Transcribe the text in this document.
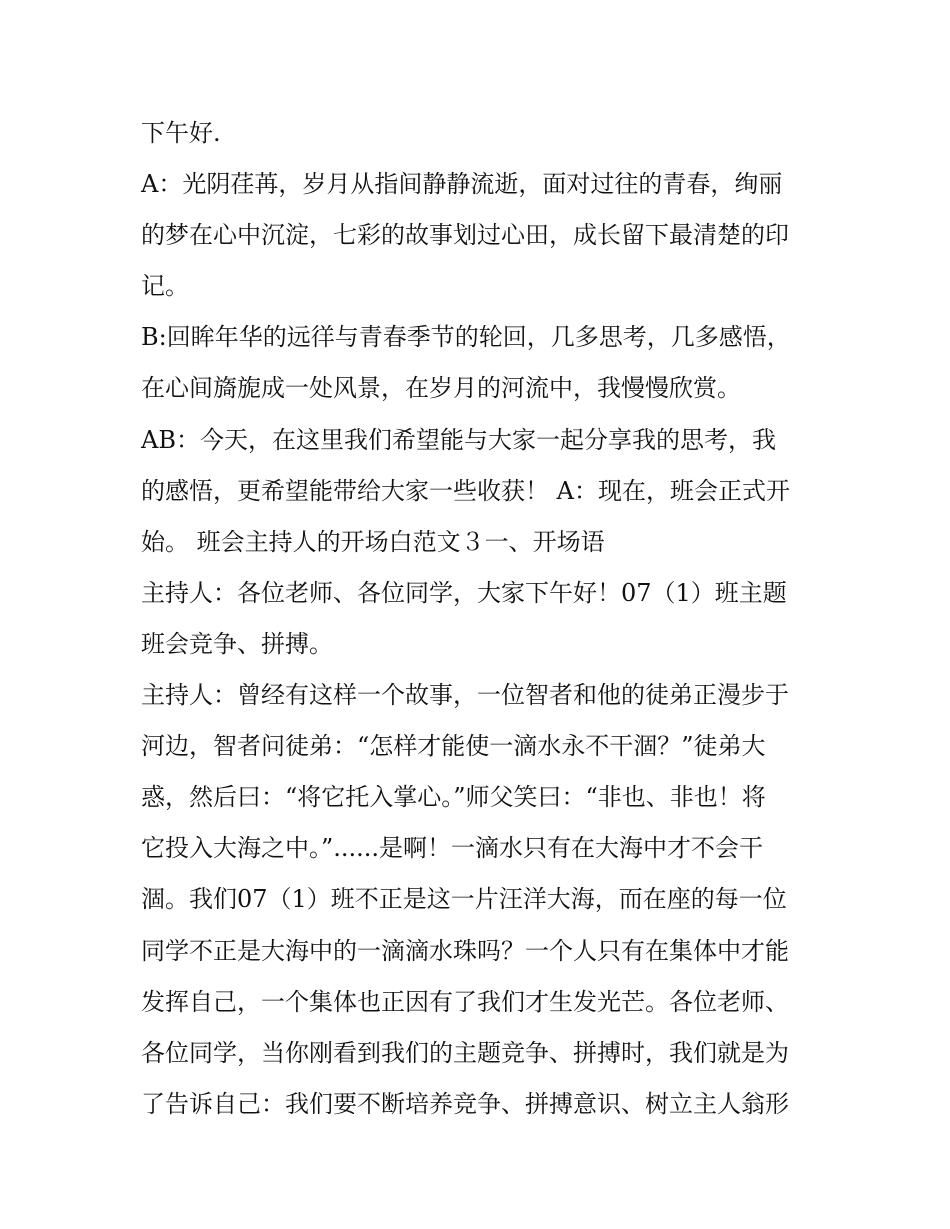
下午好.

A：光阴荏苒，岁月从指间静静流逝，面对过往的青春，绚丽
的梦在心中沉淀，七彩的故事划过心田，成长留下最清楚的印
记。

B:回眸年华的远徉与青春季节的轮回，几多思考，几多感悟，
在心间旖旎成一处风景，在岁月的河流中，我慢慢欣赏。

AB：今天，在这里我们希望能与大家一起分享我的思考，我
的感悟，更希望能带给大家一些收获！ A：现在，班会正式开
始。 班会主持人的开场白范文３一、开场语

主持人：各位老师、各位同学，大家下午好！07（1）班主题
班会竞争、拼搏。

主持人：曾经有这样一个故事，一位智者和他的徒弟正漫步于
河边，智者问徒弟：“怎样才能使一滴水永不干涸？”徒弟大
惑，然后曰：“将它托入掌心。”师父笑曰：“非也、非也！将
它投入大海之中。”......是啊！一滴水只有在大海中才不会干
涸。我们07（1）班不正是这一片汪洋大海，而在座的每一位
同学不正是大海中的一滴滴水珠吗？一个人只有在集体中才能
发挥自己，一个集体也正因有了我们才生发光芒。各位老师、
各位同学，当你刚看到我们的主题竞争、拼搏时，我们就是为
了告诉自己：我们要不断培养竞争、拼搏意识、树立主人翁形
